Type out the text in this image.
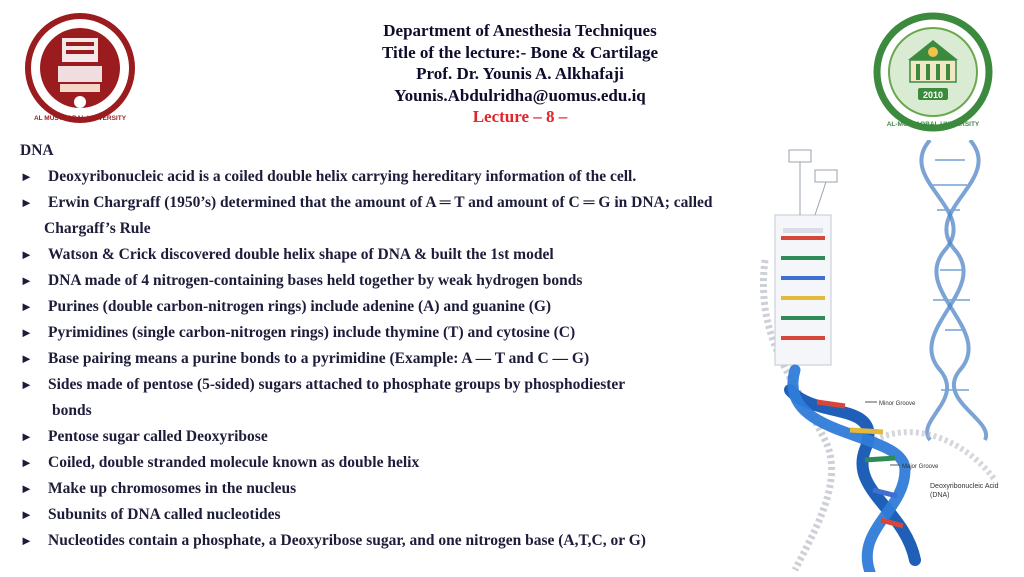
AL MUSTAQBAL UNIVERSITY
Department of Anesthesia Techniques
Title of the lecture:- Bone & Cartilage
Prof. Dr. Younis A. Alkhafaji
Younis.Abdulridha@uomus.edu.iq
Lecture – 8 –
2010
AL-MUSTAQBAL UNIVERSITY
DNA
► Deoxyribonucleic acid is a coiled double helix carrying hereditary information of the cell.
► Erwin Chargraff (1950’s) determined that the amount of A ═ T and amount of C ═ G in DNA; called
Chargaff’s Rule
► Watson & Crick discovered double helix shape of DNA & built the 1st model
► DNA made of 4 nitrogen-containing bases held together by weak hydrogen bonds
► Purines (double carbon-nitrogen rings) include adenine (A) and guanine (G)
► Pyrimidines (single carbon-nitrogen rings) include thymine (T) and cytosine (C)
► Base pairing means a purine bonds to a pyrimidine (Example: A — T and C — G)
► Sides made of pentose (5-sided) sugars attached to phosphate groups by phosphodiester
bonds
► Pentose sugar called Deoxyribose
► Coiled, double stranded molecule known as double helix
► Make up chromosomes in the nucleus
► Subunits of DNA called nucleotides
► Nucleotides contain a phosphate, a Deoxyribose sugar, and one nitrogen base (A,T,C, or G)
Minor Groove
Major Groove
Deoxyribonucleic Acid (DNA)
